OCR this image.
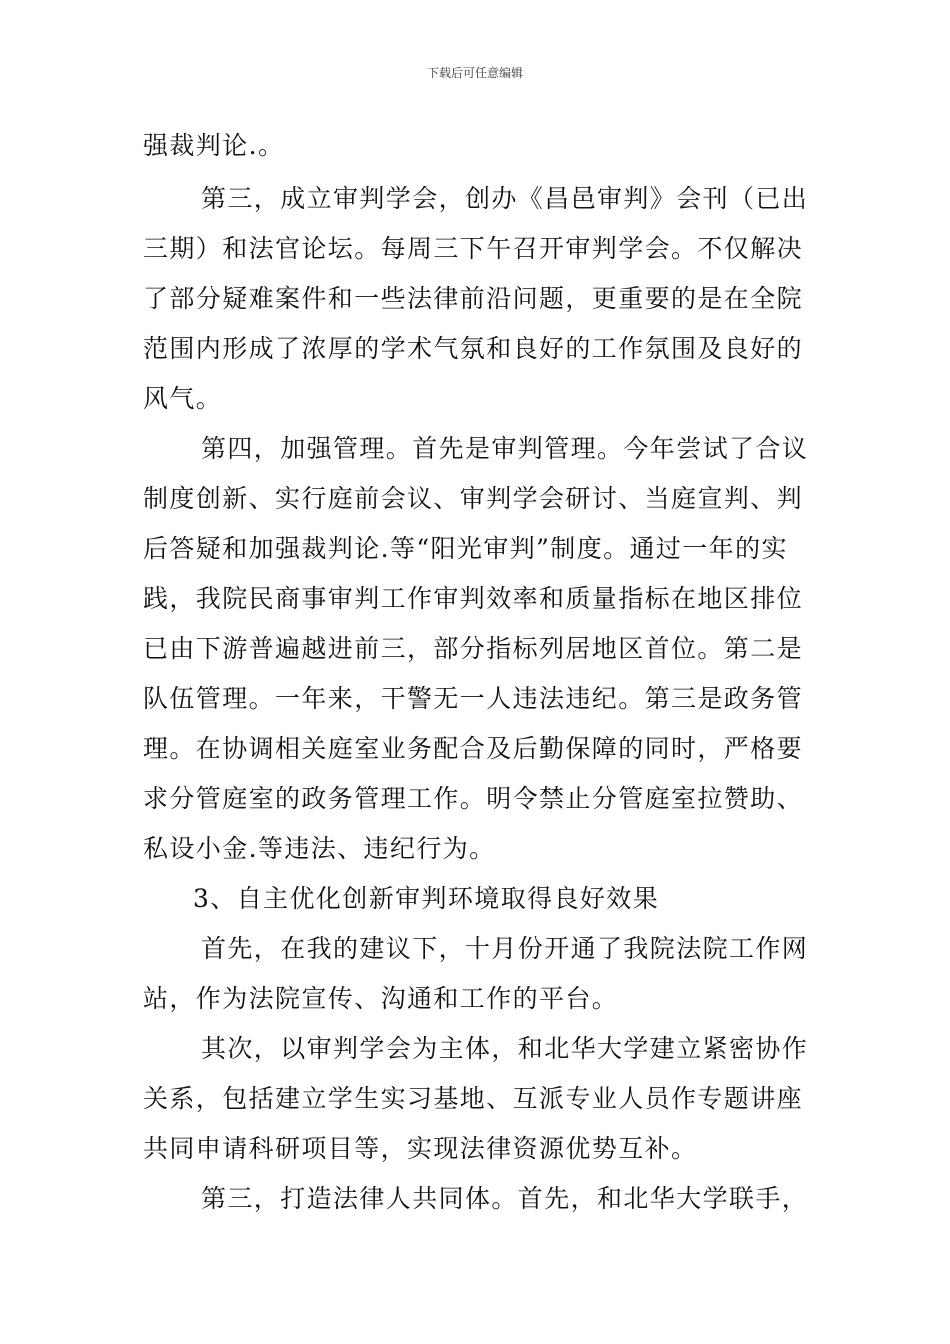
下载后可任意编辑
强裁判论.。
第三，成立审判学会，创办《昌邑审判》会刊（已出
三期）和法官论坛。每周三下午召开审判学会。不仅解决
了部分疑难案件和一些法律前沿问题，更重要的是在全院
范围内形成了浓厚的学术气氛和良好的工作氛围及良好的
风气。
第四，加强管理。首先是审判管理。今年尝试了合议
制度创新、实行庭前会议、审判学会研讨、当庭宣判、判
后答疑和加强裁判论.等“阳光审判”制度。通过一年的实
践，我院民商事审判工作审判效率和质量指标在地区排位
已由下游普遍越进前三，部分指标列居地区首位。第二是
队伍管理。一年来，干警无一人违法违纪。第三是政务管
理。在协调相关庭室业务配合及后勤保障的同时，严格要
求分管庭室的政务管理工作。明令禁止分管庭室拉赞助、
私设小金.等违法、违纪行为。
3、自主优化创新审判环境取得良好效果
首先，在我的建议下，十月份开通了我院法院工作网
站，作为法院宣传、沟通和工作的平台。
其次，以审判学会为主体，和北华大学建立紧密协作
关系，包括建立学生实习基地、互派专业人员作专题讲座
共同申请科研项目等，实现法律资源优势互补。
第三，打造法律人共同体。首先，和北华大学联手，
